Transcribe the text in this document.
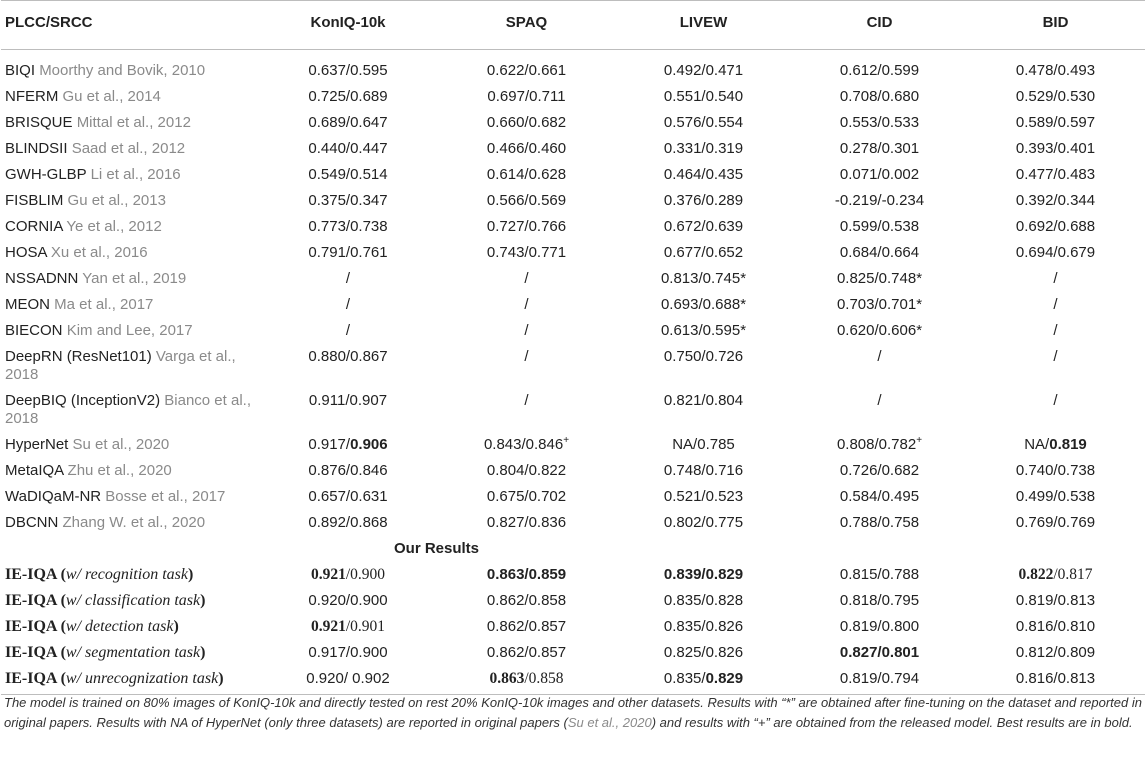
PLCC/SRCC	KonIQ-10k	SPAQ	LIVEW	CID	BID

BIQI Moorthy and Bovik, 2010	0.637/0.595	0.622/0.661	0.492/0.471	0.612/0.599	0.478/0.493
NFERM Gu et al., 2014	0.725/0.689	0.697/0.711	0.551/0.540	0.708/0.680	0.529/0.530
BRISQUE Mittal et al., 2012	0.689/0.647	0.660/0.682	0.576/0.554	0.553/0.533	0.589/0.597
BLINDSII Saad et al., 2012	0.440/0.447	0.466/0.460	0.331/0.319	0.278/0.301	0.393/0.401
GWH-GLBP Li et al., 2016	0.549/0.514	0.614/0.628	0.464/0.435	0.071/0.002	0.477/0.483
FISBLIM Gu et al., 2013	0.375/0.347	0.566/0.569	0.376/0.289	-0.219/-0.234	0.392/0.344
CORNIA Ye et al., 2012	0.773/0.738	0.727/0.766	0.672/0.639	0.599/0.538	0.692/0.688
HOSA Xu et al., 2016	0.791/0.761	0.743/0.771	0.677/0.652	0.684/0.664	0.694/0.679
NSSADNN Yan et al., 2019	/	/	0.813/0.745*	0.825/0.748*	/
MEON Ma et al., 2017	/	/	0.693/0.688*	0.703/0.701*	/
BIECON Kim and Lee, 2017	/	/	0.613/0.595*	0.620/0.606*	/
DeepRN (ResNet101) Varga et al., 2018	0.880/0.867	/	0.750/0.726	/	/
DeepBIQ (InceptionV2) Bianco et al., 2018	0.911/0.907	/	0.821/0.804	/	/
HyperNet Su et al., 2020	0.917/0.906	0.843/0.846+	NA/0.785	0.808/0.782+	NA/0.819
MetaIQA Zhu et al., 2020	0.876/0.846	0.804/0.822	0.748/0.716	0.726/0.682	0.740/0.738
WaDIQaM-NR Bosse et al., 2017	0.657/0.631	0.675/0.702	0.521/0.523	0.584/0.495	0.499/0.538
DBCNN Zhang W. et al., 2020	0.892/0.868	0.827/0.836	0.802/0.775	0.788/0.758	0.769/0.769
	Our Results				
IE-IQA (w/ recognition task)	0.921/0.900	0.863/0.859	0.839/0.829	0.815/0.788	0.822/0.817
IE-IQA (w/ classification task)	0.920/0.900	0.862/0.858	0.835/0.828	0.818/0.795	0.819/0.813
IE-IQA (w/ detection task)	0.921/0.901	0.862/0.857	0.835/0.826	0.819/0.800	0.816/0.810
IE-IQA (w/ segmentation task)	0.917/0.900	0.862/0.857	0.825/0.826	0.827/0.801	0.812/0.809
IE-IQA (w/ unrecognization task)	0.920/ 0.902	0.863/0.858	0.835/0.829	0.819/0.794	0.816/0.813
The model is trained on 80% images of KonIQ-10k and directly tested on rest 20% KonIQ-10k images and other datasets. Results with “*” are obtained after fine-tuning on the dataset and reported in original papers. Results with NA of HyperNet (only three datasets) are reported in original papers (Su et al., 2020) and results with “+” are obtained from the released model. Best results are in bold.
